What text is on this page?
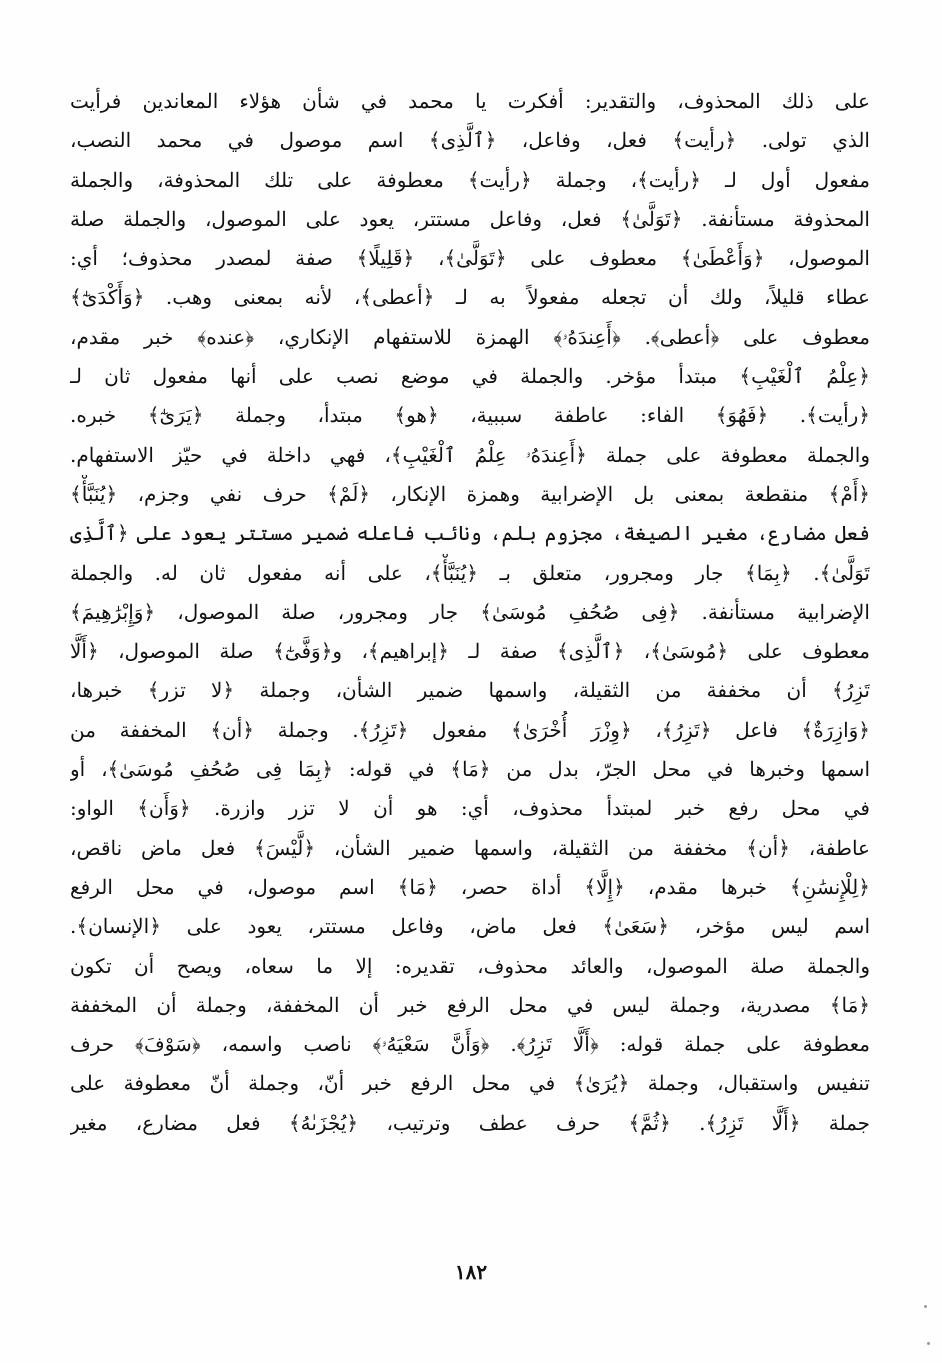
على ذلك المحذوف، والتقدير: أفكرت يا محمد في شأن هؤلاء المعاندين فرأيت
الذي تولى. ﴿رأيت﴾ فعل، وفاعل، ﴿ٱلَّذِى﴾ اسم موصول في محمد النصب،
مفعول أول لـ ﴿رأيت﴾، وجملة ﴿رأيت﴾ معطوفة على تلك المحذوفة، والجملة
المحذوفة مستأنفة. ﴿تَوَلَّىٰ﴾ فعل، وفاعل مستتر، يعود على الموصول، والجملة صلة
الموصول، ﴿وَأَعْطَىٰ﴾ معطوف على ﴿تَوَلَّىٰ﴾، ﴿قَلِيلًا﴾ صفة لمصدر محذوف؛ أي:
عطاء قليلاً، ولك أن تجعله مفعولاً به لـ ﴿أعطى﴾، لأنه بمعنى وهب. ﴿وَأَكْدَىٰٓ﴾
معطوف على ﴿أعطى﴾. ﴿أَعِندَهُۥ﴾ الهمزة للاستفهام الإنكاري، ﴿عنده﴾ خبر مقدم،
﴿عِلْمُ ٱلْغَيْبِ﴾ مبتدأ مؤخر. والجملة في موضع نصب على أنها مفعول ثان لـ
﴿رأيت﴾. ﴿فَهُوَ﴾ الفاء: عاطفة سببية، ﴿هو﴾ مبتدأ، وجملة ﴿يَرَىٰٓ﴾ خبره.
والجملة معطوفة على جملة ﴿أَعِندَهُۥ عِلْمُ ٱلْغَيْبِ﴾، فهي داخلة في حيّز الاستفهام.
﴿أَمْ﴾ منقطعة بمعنى بل الإضرابية وهمزة الإنكار، ﴿لَمْ﴾ حرف نفي وجزم، ﴿يُنَبَّأْ﴾
فعل مضارع، مغير الصيغة، مجزوم بلم، ونائب فاعله ضمير مستتر يعود على ﴿ٱلَّذِى
تَوَلَّىٰ﴾. ﴿بِمَا﴾ جار ومجرور، متعلق بـ ﴿يُنَبَّأْ﴾، على أنه مفعول ثان له. والجملة
الإضرابية مستأنفة. ﴿فِى صُحُفِ مُوسَىٰ﴾ جار ومجرور، صلة الموصول، ﴿وَإِبْرَٰهِيمَ﴾
معطوف على ﴿مُوسَىٰ﴾، ﴿ٱلَّذِى﴾ صفة لـ ﴿إبراهيم﴾، و﴿وَفَّىٰٓ﴾ صلة الموصول، ﴿أَلَّا
تَزِرُ﴾ أن مخففة من الثقيلة، واسمها ضمير الشأن، وجملة ﴿لا تزر﴾ خبرها،
﴿وَازِرَةٌ﴾ فاعل ﴿تَزِرُ﴾، ﴿وِزْرَ أُخْرَىٰ﴾ مفعول ﴿تَزِرُ﴾. وجملة ﴿أن﴾ المخففة من
اسمها وخبرها في محل الجرّ، بدل من ﴿مَا﴾ في قوله: ﴿بِمَا فِى صُحُفِ مُوسَىٰ﴾، أو
في محل رفع خبر لمبتدأ محذوف، أي: هو أن لا تزر وازرة. ﴿وَأَن﴾ الواو:
عاطفة، ﴿أن﴾ مخففة من الثقيلة، واسمها ضمير الشأن، ﴿لَّيْسَ﴾ فعل ماض ناقص،
﴿لِلْإِنسَٰنِ﴾ خبرها مقدم، ﴿إِلَّا﴾ أداة حصر، ﴿مَا﴾ اسم موصول، في محل الرفع
اسم ليس مؤخر، ﴿سَعَىٰ﴾ فعل ماض، وفاعل مستتر، يعود على ﴿الإنسان﴾.
والجملة صلة الموصول، والعائد محذوف، تقديره: إلا ما سعاه، ويصح أن تكون
﴿مَا﴾ مصدرية، وجملة ليس في محل الرفع خبر أن المخففة، وجملة أن المخففة
معطوفة على جملة قوله: ﴿أَلَّا تَزِرُ﴾. ﴿وَأَنَّ سَعْيَهُۥ﴾ ناصب واسمه، ﴿سَوْفَ﴾ حرف
تنفيس واستقبال، وجملة ﴿يُرَىٰ﴾ في محل الرفع خبر أنّ، وجملة أنّ معطوفة على
جملة ﴿أَلَّا تَزِرُ﴾. ﴿ثُمَّ﴾ حرف عطف وترتيب، ﴿يُجْزَىٰهُ﴾ فعل مضارع، مغير
١٨٢
